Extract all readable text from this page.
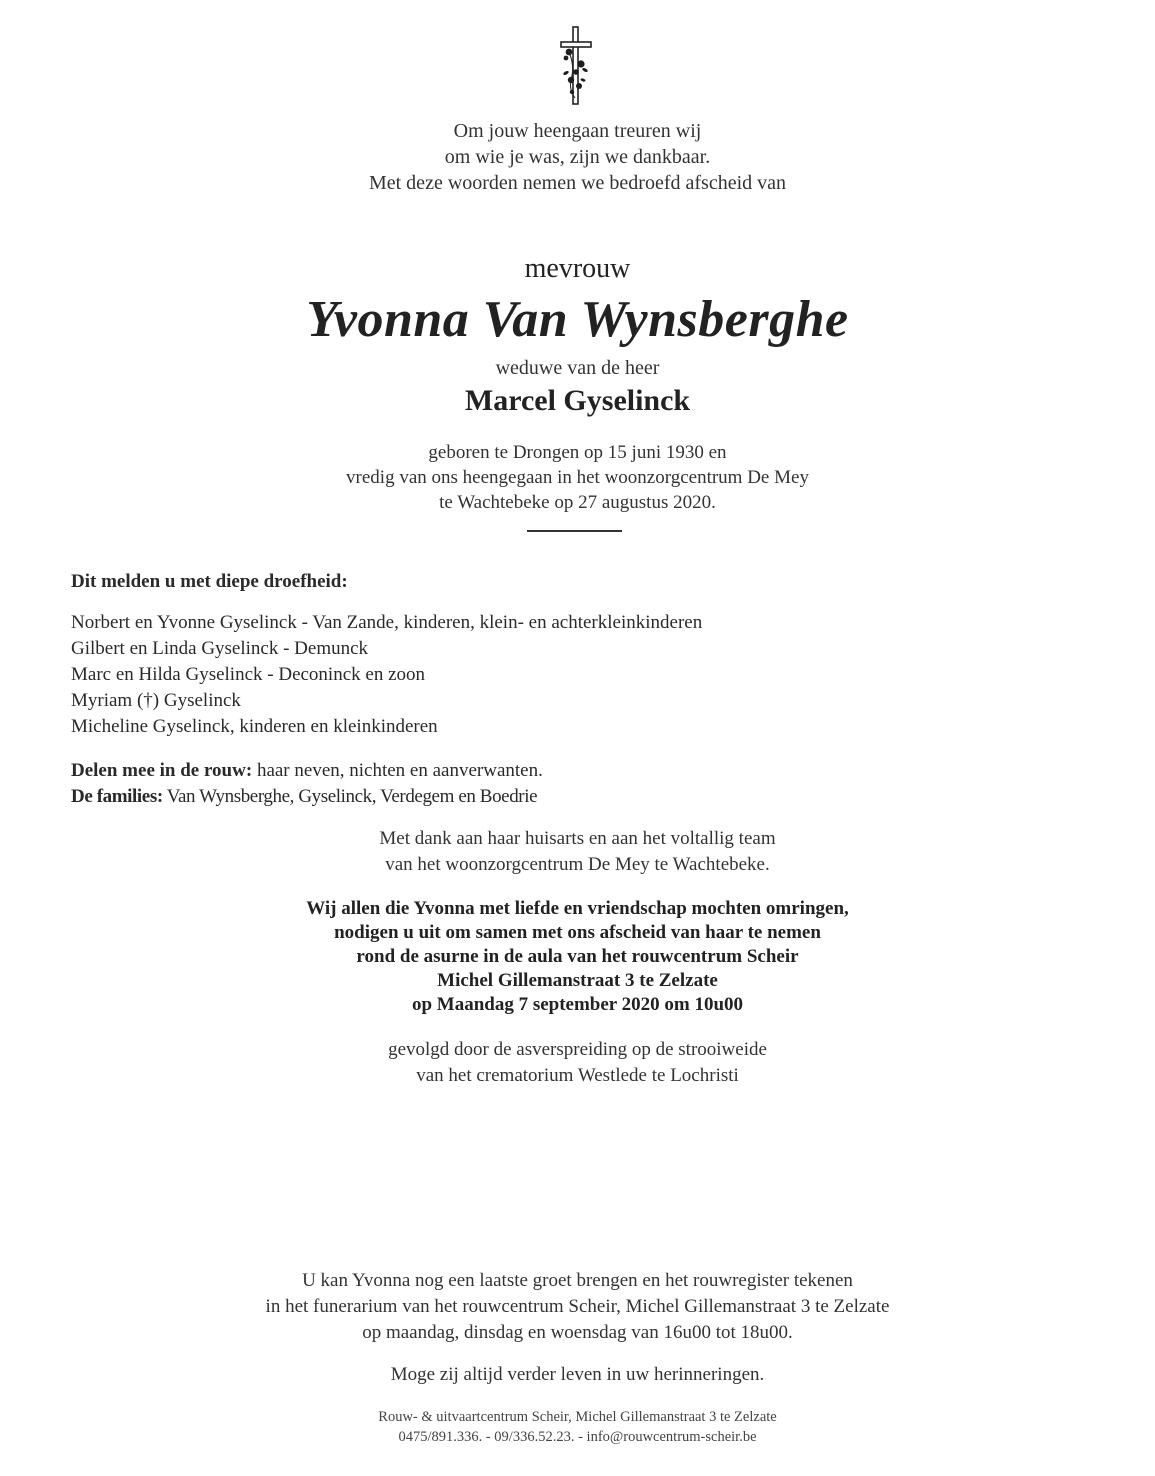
Om jouw heengaan treuren wij
om wie je was, zijn we dankbaar.
Met deze woorden nemen we bedroefd afscheid van
mevrouw
Yvonna Van Wynsberghe
weduwe van de heer
Marcel Gyselinck
geboren te Drongen op 15 juni 1930 en
vredig van ons heengegaan in het woonzorgcentrum De Mey
te Wachtebeke op 27 augustus 2020.
Dit melden u met diepe droefheid:
Norbert en Yvonne Gyselinck - Van Zande, kinderen, klein- en achterkleinkinderen
Gilbert en Linda Gyselinck - Demunck
Marc en Hilda Gyselinck - Deconinck en zoon
Myriam (†) Gyselinck
Micheline Gyselinck, kinderen en kleinkinderen
Delen mee in de rouw: haar neven, nichten en aanverwanten.
De families: Van Wynsberghe, Gyselinck, Verdegem en Boedrie
Met dank aan haar huisarts en aan het voltallig team
van het woonzorgcentrum De Mey te Wachtebeke.
Wij allen die Yvonna met liefde en vriendschap mochten omringen,
nodigen u uit om samen met ons afscheid van haar te nemen
rond de asurne in de aula van het rouwcentrum Scheir
Michel Gillemanstraat 3 te Zelzate
op Maandag 7 september 2020 om 10u00
gevolgd door de asverspreiding op de strooiweide
van het crematorium Westlede te Lochristi
U kan Yvonna nog een laatste groet brengen en het rouwregister tekenen
in het funerarium van het rouwcentrum Scheir, Michel Gillemanstraat 3 te Zelzate
op maandag, dinsdag en woensdag van 16u00 tot 18u00.
Moge zij altijd verder leven in uw herinneringen.
Rouw- & uitvaartcentrum Scheir, Michel Gillemanstraat 3 te Zelzate
0475/891.336. - 09/336.52.23. - info@rouwcentrum-scheir.be
